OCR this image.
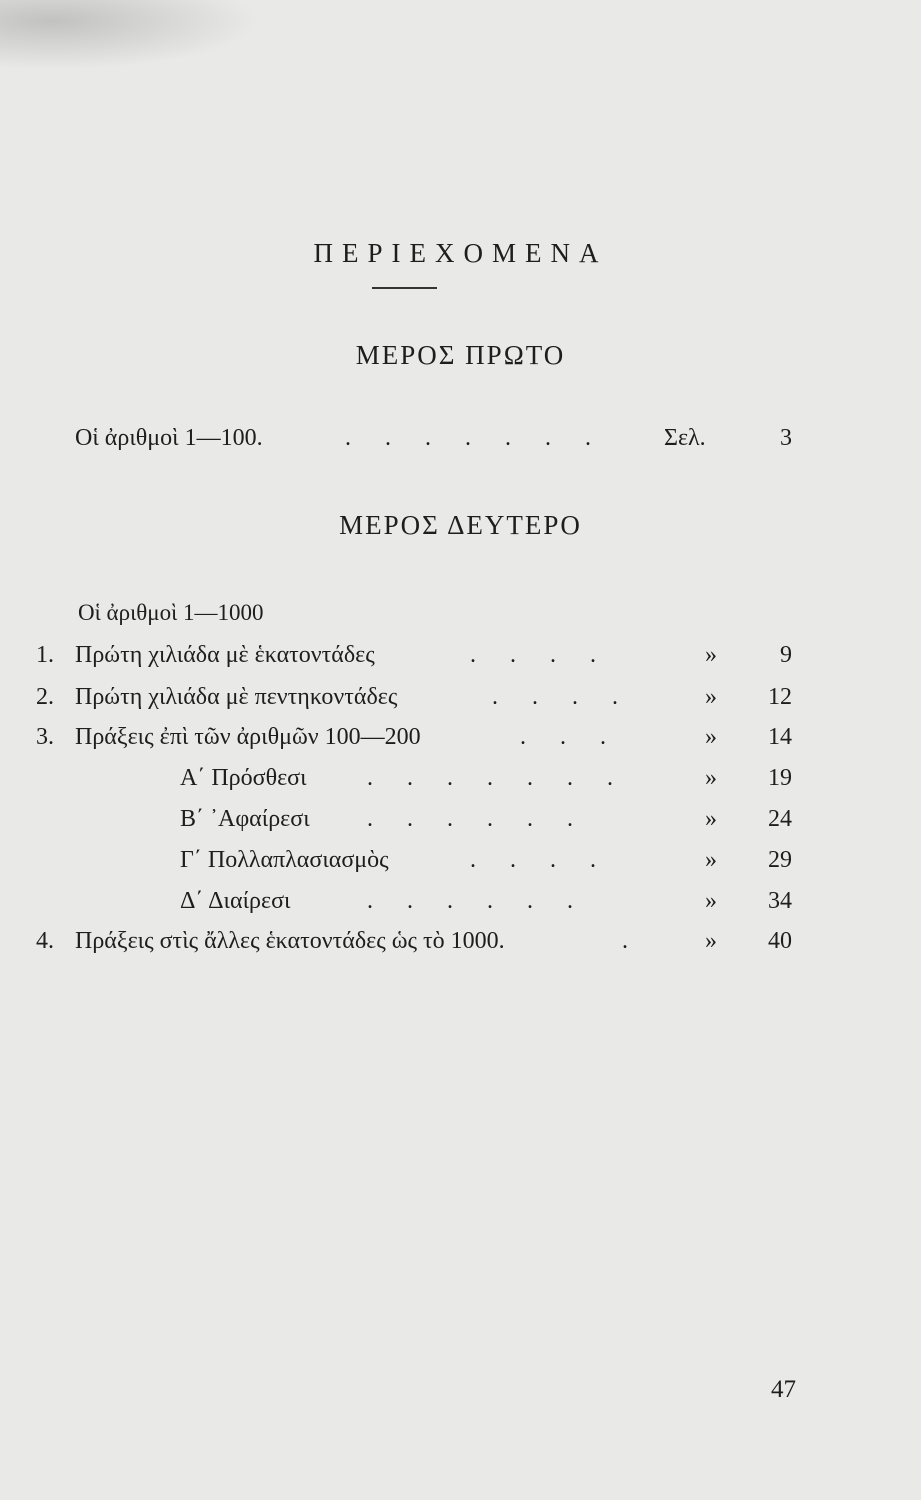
ΠΕΡΙΕΧΟΜΕΝΑ
ΜΕΡΟΣ ΠΡΩΤΟ
Οἱ ἀριθμοὶ 1—100.	. . . . . . . Σελ.	3
ΜΕΡΟΣ ΔΕΥΤΕΡΟ
Οἱ ἀριθμοὶ 1—1000
1. Πρώτη χιλιάδα μὲ ἑκατοντάδες	. . . .	»	9
2. Πρώτη χιλιάδα μὲ πεντηκοντάδες	. . . .	»	12
3. Πράξεις ἐπὶ τῶν ἀριθμῶν 100—200	. . .	»	14
Α΄ Πρόσθεσι	. . . . . . .	»	19
Β΄ ᾿Αφαίρεσι . . . . . .	»	24
Γ΄ Πολλαπλασιασμὸς	. . . .	»	29
Δ΄ Διαίρεσι	. . . . . .	»	34
4. Πράξεις στὶς ἄλλες ἑκατοντάδες ὡς τὸ 1000.	.	»	40
47
